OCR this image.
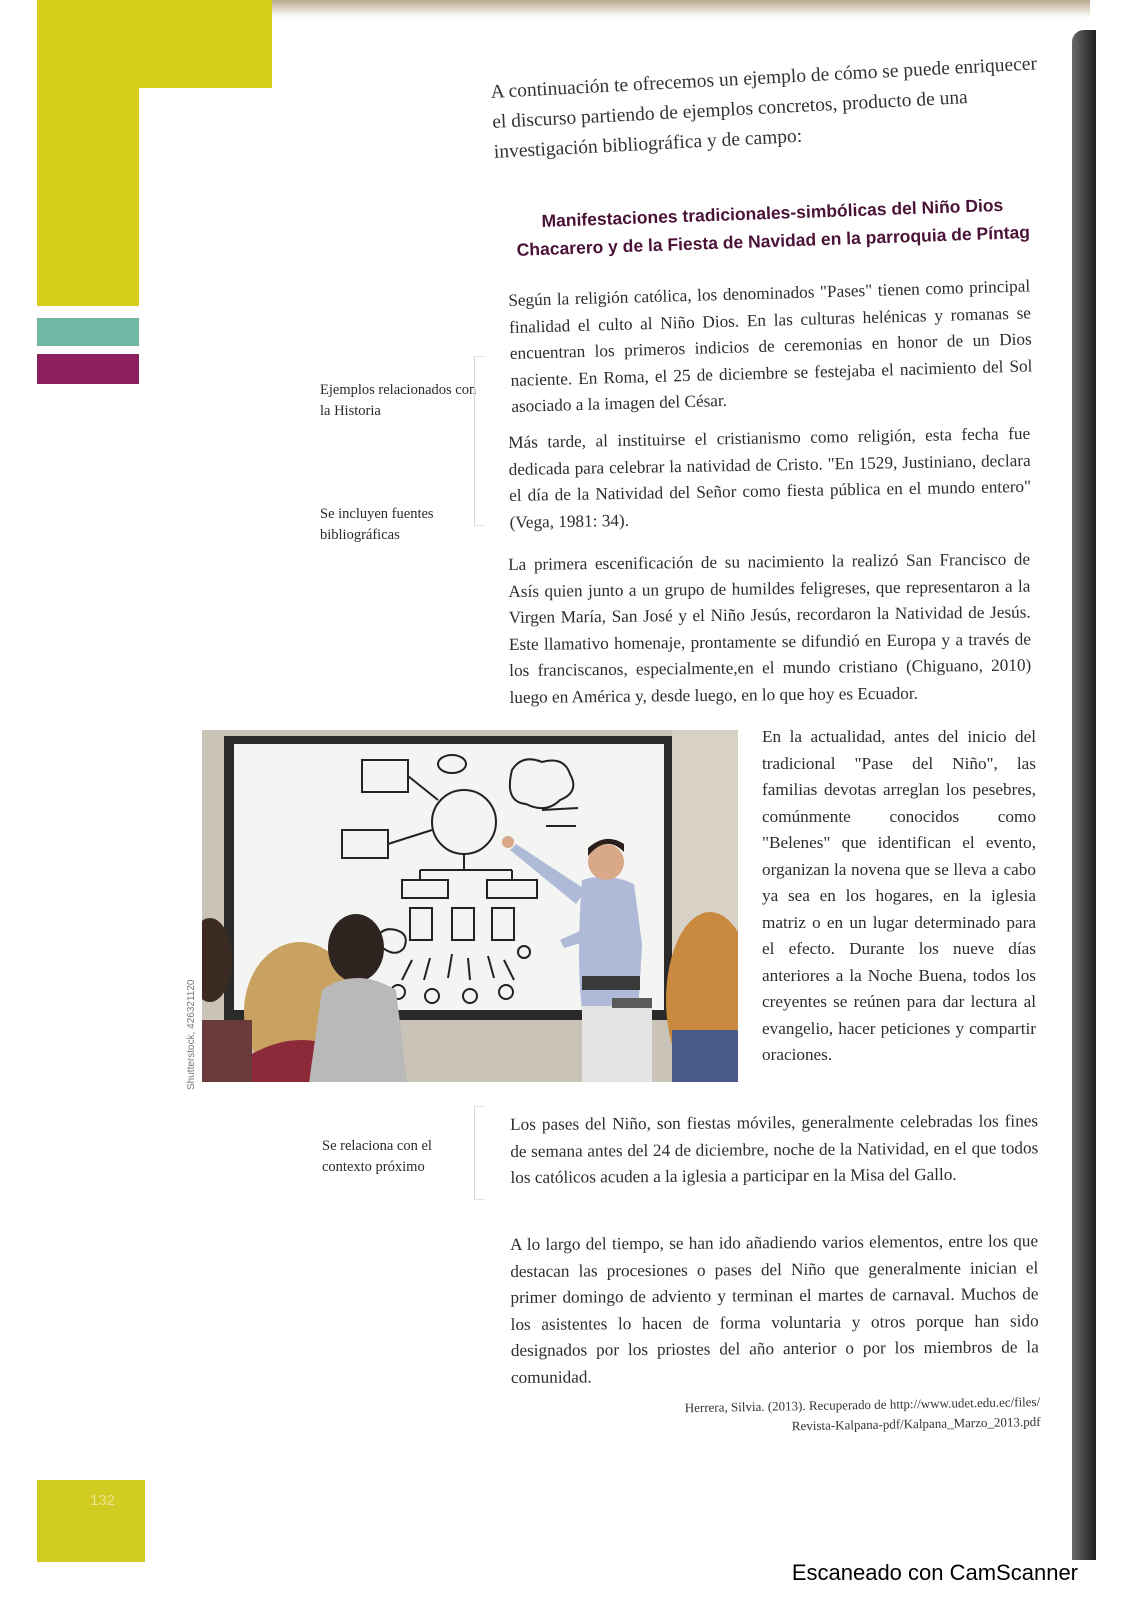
132
A continuación te ofrecemos un ejemplo de cómo se puede enriquecer el discurso partiendo de ejemplos concretos, producto de una investigación bibliográfica y de campo:
Manifestaciones tradicionales-simbólicas del Niño Dios Chacarero y de la Fiesta de Navidad en la parroquia de Píntag
Según la religión católica, los denominados "Pases" tienen como principal finalidad el culto al Niño Dios. En las culturas helénicas y romanas se encuentran los primeros indicios de ceremonias en honor de un Dios naciente. En Roma, el 25 de diciembre se festejaba el nacimiento del Sol asociado a la imagen del César.
Más tarde, al instituirse el cristianismo como religión, esta fecha fue dedicada para celebrar la natividad de Cristo. "En 1529, Justiniano, declara el día de la Natividad del Señor como fiesta pública en el mundo entero" (Vega, 1981: 34).
La primera escenificación de su nacimiento la realizó San Francisco de Asís quien junto a un grupo de humildes feligreses, que representaron a la Virgen María, San José y el Niño Jesús, recordaron la Natividad de Jesús. Este llamativo homenaje, prontamente se difundió en Europa y a través de los franciscanos, especialmente,en el mundo cristiano (Chiguano, 2010) luego en América y, desde luego, en lo que hoy es Ecuador.
En la actualidad, antes del inicio del tradicional "Pase del Niño", las familias devotas arreglan los pesebres, comúnmente conocidos como "Belenes" que identifican el evento, organizan la novena que se lleva a cabo ya sea en los hogares, en la iglesia matriz o en un lugar determinado para el efecto. Durante los nueve días anteriores a la Noche Buena, todos los creyentes se reúnen para dar lectura al evangelio, hacer peticiones y compartir oraciones.
Los pases del Niño, son fiestas móviles, generalmente celebradas los fines de semana antes del 24 de diciembre, noche de la Natividad, en el que todos los católicos acuden a la iglesia a participar en la Misa del Gallo.
A lo largo del tiempo, se han ido añadiendo varios elementos, entre los que destacan las procesiones o pases del Niño que generalmente inician el primer domingo de adviento y terminan el martes de carnaval. Muchos de los asistentes lo hacen de forma voluntaria y otros porque han sido designados por los priostes del año anterior o por los miembros de la comunidad.
Ejemplos relacionados con la Historia
Se incluyen fuentes bibliográficas
Se relaciona con el contexto próximo
Herrera, Silvia. (2013). Recuperado de http://www.udet.edu.ec/files/
Revista-Kalpana-pdf/Kalpana_Marzo_2013.pdf
Shutterstock, 426321120
Escaneado con CamScanner
